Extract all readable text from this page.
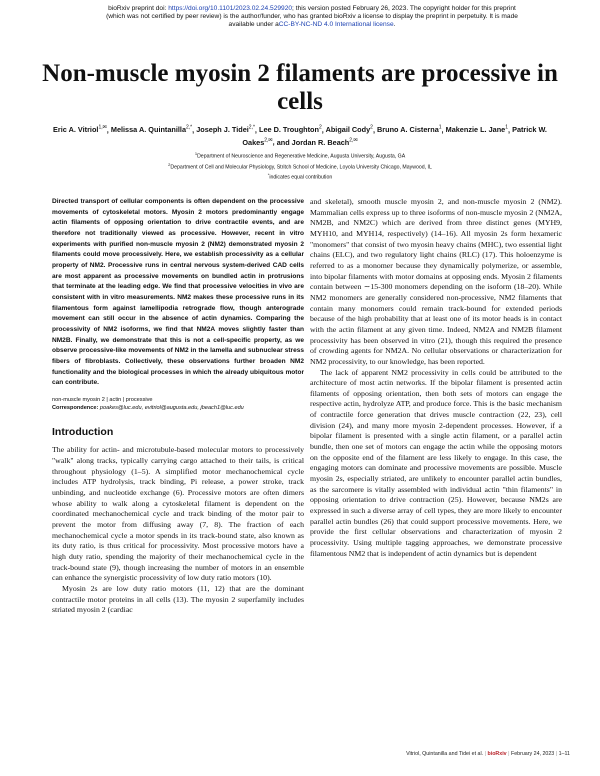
bioRxiv preprint doi: https://doi.org/10.1101/2023.02.24.529920; this version posted February 26, 2023. The copyright holder for this preprint
(which was not certified by peer review) is the author/funder, who has granted bioRxiv a license to display the preprint in perpetuity. It is made
available under aCC-BY-NC-ND 4.0 International license.
Non-muscle myosin 2 filaments are processive in cells
Eric A. Vitriol$^{1,✉}$, Melissa A. Quintanilla$^{2,*}$, Joseph J. Tidei$^{2,*}$, Lee D. Troughton$^2$, Abigail Cody$^2$, Bruno A. Cisterna$^1$, Makenzie L. Jane$^1$, Patrick W. Oakes$^{2,✉}$, and Jordan R. Beach$^{2,✉}$
$^1$Department of Neuroscience and Regenerative Medicine, Augusta University, Augusta, GA
$^2$Department of Cell and Molecular Physiology, Stritch School of Medicine, Loyola University Chicago, Maywood, IL
*indicates equal contribution

Directed transport of cellular components is often dependent on the processive movements of cytoskeletal motors. Myosin 2 motors predominantly engage actin filaments of opposing orientation to drive contractile events, and are therefore not traditionally viewed as processive. However, recent in vitro experiments with purified non-muscle myosin 2 (NM2) demonstrated myosin 2 filaments could move processively. Here, we establish processivity as a cellular property of NM2. Processive runs in central nervous system-derived CAD cells are most apparent as processive movements on bundled actin in protrusions that terminate at the leading edge. We find that processive velocities in vivo are consistent with in vitro measurements. NM2 makes these processive runs in its filamentous form against lamellipodia retrograde flow, though anterograde movement can still occur in the absence of actin dynamics. Comparing the processivity of NM2 isoforms, we find that NM2A moves slightly faster than NM2B. Finally, we demonstrate that this is not a cell-specific property, as we observe processive-like movements of NM2 in the lamella and subnuclear stress fibers of fibroblasts. Collectively, these observations further broaden NM2 functionality and the biological processes in which the already ubiquitous motor can contribute.

non-muscle myosin 2 | actin | processive
Correspondence: poakes@luc.edu, evitriol@augusta.edu, jbeach1@luc.edu
Introduction

The ability for actin- and microtubule-based molecular motors to processively "walk" along tracks, typically carrying cargo attached to their tails, is critical throughout physiology (1–5). A simplified motor mechanochemical cycle includes ATP hydrolysis, track binding, Pi release, a power stroke, track unbinding, and nucleotide exchange (6). Processive motors are often dimers whose ability to walk along a cytoskeletal filament is dependent on the coordinated mechanochemical cycle and track binding of the motor pair to prevent the motor from diffusing away (7, 8). The fraction of each mechanochemical cycle a motor spends in its track-bound state, also known as its duty ratio, is thus critical for processivity. Most processive motors have a high duty ratio, spending the majority of their mechanochemical cycle in the track-bound state (9), though increasing the number of motors in an ensemble can enhance the synergistic processivity of low duty ratio motors (10).

Myosin 2s are low duty ratio motors (11, 12) that are the dominant contractile motor proteins in all cells (13). The myosin 2 superfamily includes striated myosin 2 (cardiac

and skeletal), smooth muscle myosin 2, and non-muscle myosin 2 (NM2). Mammalian cells express up to three isoforms of non-muscle myosin 2 (NM2A, NM2B, and NM2C) which are derived from three distinct genes (MYH9, MYH10, and MYH14, respectively) (14–16). All myosin 2s form hexameric "monomers" that consist of two myosin heavy chains (MHC), two essential light chains (ELC), and two regulatory light chains (RLC) (17). This holoenzyme is referred to as a monomer because they dynamically polymerize, or assemble, into bipolar filaments with motor domains at opposing ends. Myosin 2 filaments contain between ∼15-300 monomers depending on the isoform (18–20). While NM2 monomers are generally considered non-processive, NM2 filaments that contain many monomers could remain track-bound for extended periods because of the high probability that at least one of its motor heads is in contact with the actin filament at any given time. Indeed, NM2A and NM2B filament processivity has been observed in vitro (21), though this required the presence of crowding agents for NM2A. No cellular observations or characterization for NM2 processivity, to our knowledge, has been reported.

The lack of apparent NM2 processivity in cells could be attributed to the architecture of most actin networks. If the bipolar filament is presented actin filaments of opposing orientation, then both sets of motors can engage the respective actin, hydrolyze ATP, and produce force. This is the basic mechanism of contractile force generation that drives muscle contraction (22, 23), cell division (24), and many more myosin 2-dependent processes. However, if a bipolar filament is presented with a single actin filament, or a parallel actin bundle, then one set of motors can engage the actin while the opposing motors on the opposite end of the filament are less likely to engage. In this case, the engaging motors can dominate and processive movements are possible. Muscle myosin 2s, especially striated, are unlikely to encounter parallel actin bundles, as the sarcomere is vitally assembled with individual actin "thin filaments" in opposing orientation to drive contraction (25). However, because NM2s are expressed in such a diverse array of cell types, they are more likely to encounter parallel actin bundles (26) that could support processive movements. Here, we provide the first cellular observations and characterization of myosin 2 processivity. Using multiple tagging approaches, we demonstrate processive filamentous NM2 that is independent of actin dynamics but is dependent

Vitriol, Quintanilla and Tidei et al. | bioRxiv | February 24, 2023 | 1–11
